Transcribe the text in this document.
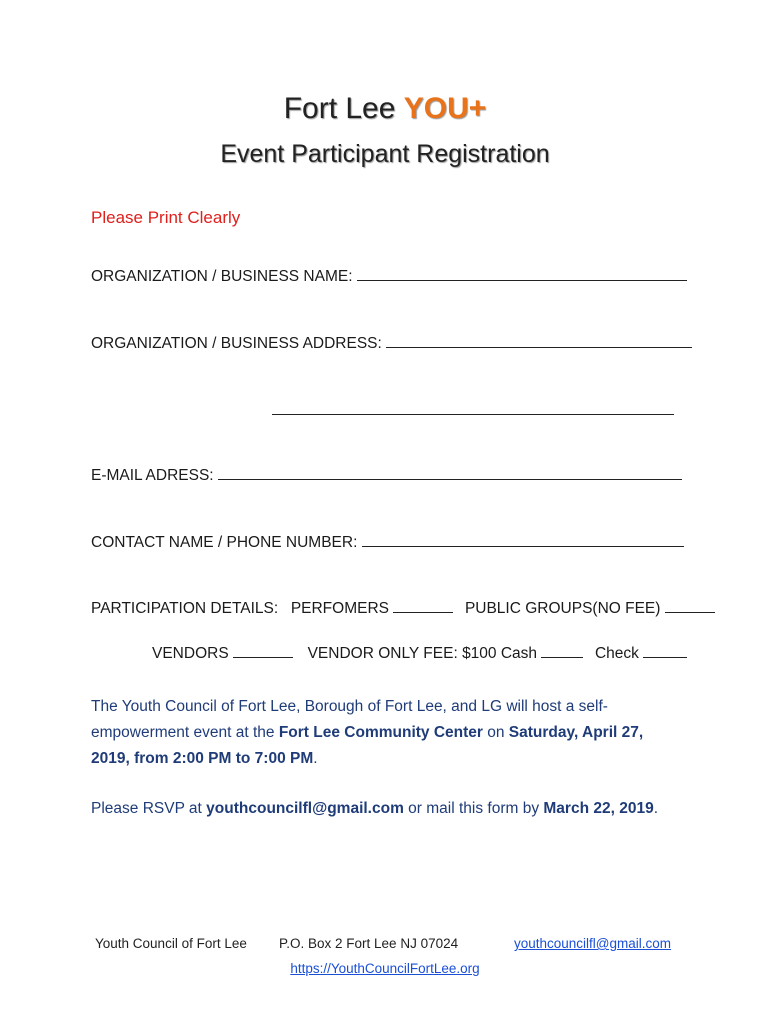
Fort Lee YOU+
Event Participant Registration
Please Print Clearly
ORGANIZATION / BUSINESS NAME:
ORGANIZATION / BUSINESS ADDRESS:
E-MAIL ADRESS:
CONTACT NAME / PHONE NUMBER:
PARTICIPATION DETAILS: PERFOMERS	PUBLIC GROUPS(NO FEE)
VENDORS	VENDOR ONLY FEE: $100 Cash	Check
The Youth Council of Fort Lee, Borough of Fort Lee, and LG will host a self-empowerment event at the Fort Lee Community Center on Saturday, April 27, 2019, from 2:00 PM to 7:00 PM.
Please RSVP at youthcouncilfl@gmail.com or mail this form by March 22, 2019.
Youth Council of Fort Lee P.O. Box 2 Fort Lee NJ 07024	youthcouncilfl@gmail.com
https://YouthCouncilFortLee.org
